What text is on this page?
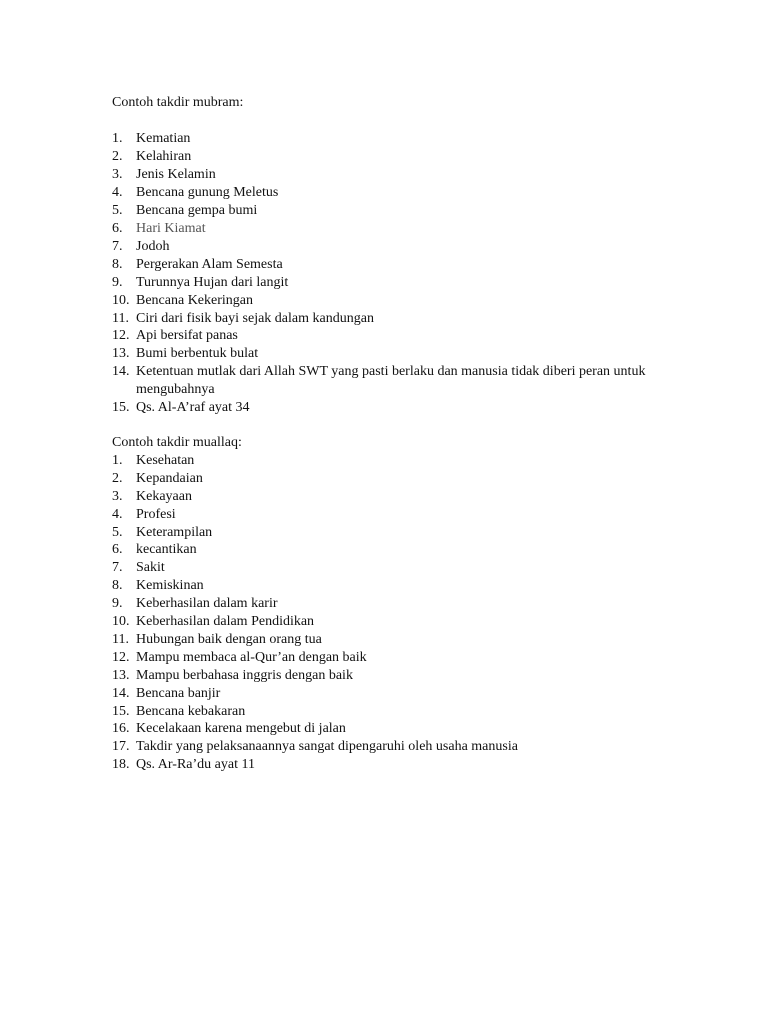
Contoh takdir mubram:
1. Kematian
2. Kelahiran
3. Jenis Kelamin
4. Bencana gunung Meletus
5. Bencana gempa bumi
6. Hari Kiamat
7. Jodoh
8. Pergerakan Alam Semesta
9. Turunnya Hujan dari langit
10. Bencana Kekeringan
11. Ciri dari fisik bayi sejak dalam kandungan
12. Api bersifat panas
13. Bumi berbentuk bulat
14. Ketentuan mutlak dari Allah SWT yang pasti berlaku dan manusia tidak diberi peran untuk mengubahnya
15. Qs. Al-A’raf ayat 34
Contoh takdir muallaq:
1. Kesehatan
2. Kepandaian
3. Kekayaan
4. Profesi
5. Keterampilan
6. kecantikan
7. Sakit
8. Kemiskinan
9. Keberhasilan dalam karir
10. Keberhasilan dalam Pendidikan
11. Hubungan baik dengan orang tua
12. Mampu membaca al-Qur’an dengan baik
13. Mampu berbahasa inggris dengan baik
14. Bencana banjir
15. Bencana kebakaran
16. Kecelakaan karena mengebut di jalan
17. Takdir yang pelaksanaannya sangat dipengaruhi oleh usaha manusia
18. Qs. Ar-Ra’du ayat 11
